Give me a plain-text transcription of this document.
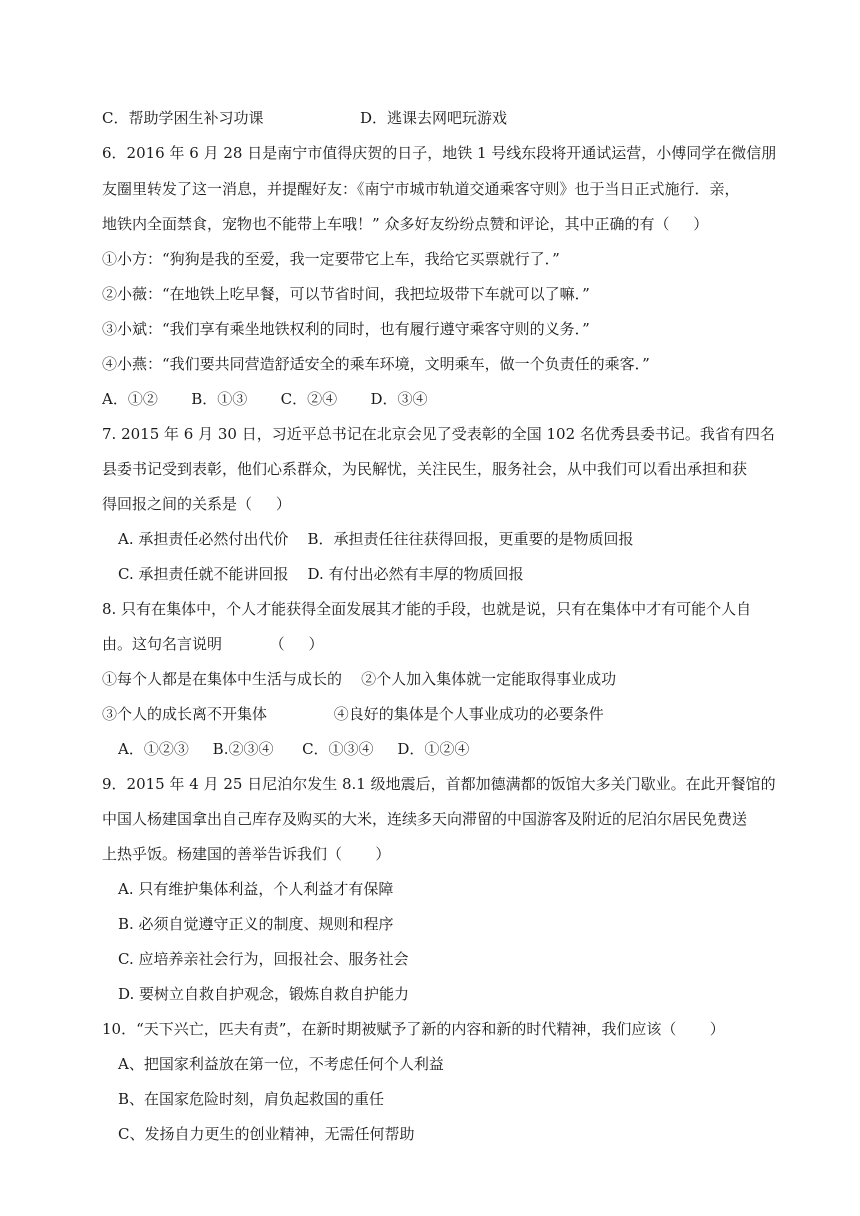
C．帮助学困生补习功课	D．逃课去网吧玩游戏
6．2016 年 6 月 28 日是南宁市值得庆贺的日子，地铁 1 号线东段将开通试运营，小傅同学在微信朋
友圈里转发了这一消息，并提醒好友：《南宁市城市轨道交通乘客守则》也于当日正式施行．亲，
地铁内全面禁食，宠物也不能带上车哦！” 众多好友纷纷点赞和评论，其中正确的有（     ）
①小方：“狗狗是我的至爱，我一定要带它上车，我给它买票就行了．”
②小薇：“在地铁上吃早餐，可以节省时间，我把垃圾带下车就可以了嘛．”
③小斌：“我们享有乘坐地铁权利的同时，也有履行遵守乘客守则的义务．”
④小燕：“我们要共同营造舒适安全的乘车环境，文明乘车，做一个负责任的乘客．”
A．①②       B．①③       C．②④       D．③④
7. 2015 年 6 月 30 日，习近平总书记在北京会见了受表彰的全国 102 名优秀县委书记。我省有四名
县委书记受到表彰，他们心系群众，为民解忧，关注民生，服务社会，从中我们可以看出承担和获
得回报之间的关系是（     ）
A. 承担责任必然付出代价    B．承担责任往往获得回报，更重要的是物质回报
C. 承担责任就不能讲回报    D. 有付出必然有丰厚的物质回报
8. 只有在集体中，个人才能获得全面发展其才能的手段，也就是说，只有在集体中才有可能个人自
由。这句名言说明          （     ）
①每个人都是在集体中生活与成长的    ②个人加入集体就一定能取得事业成功
③个人的成长离不开集体              ④良好的集体是个人事业成功的必要条件
A．①②③     B.②③④      C．①③④     D．①②④
9．2015 年 4 月 25 日尼泊尔发生 8.1 级地震后，首都加德满都的饭馆大多关门歇业。在此开餐馆的
中国人杨建国拿出自己库存及购买的大米，连续多天向滞留的中国游客及附近的尼泊尔居民免费送
上热乎饭。杨建国的善举告诉我们（       ）
A. 只有维护集体利益，个人利益才有保障
B. 必须自觉遵守正义的制度、规则和程序
C. 应培养亲社会行为，回报社会、服务社会
D. 要树立自救自护观念，锻炼自救自护能力
10．“天下兴亡，匹夫有责”，在新时期被赋予了新的内容和新的时代精神，我们应该（       ）
A、把国家利益放在第一位，不考虑任何个人利益
B、在国家危险时刻，肩负起救国的重任
C、发扬自力更生的创业精神，无需任何帮助
